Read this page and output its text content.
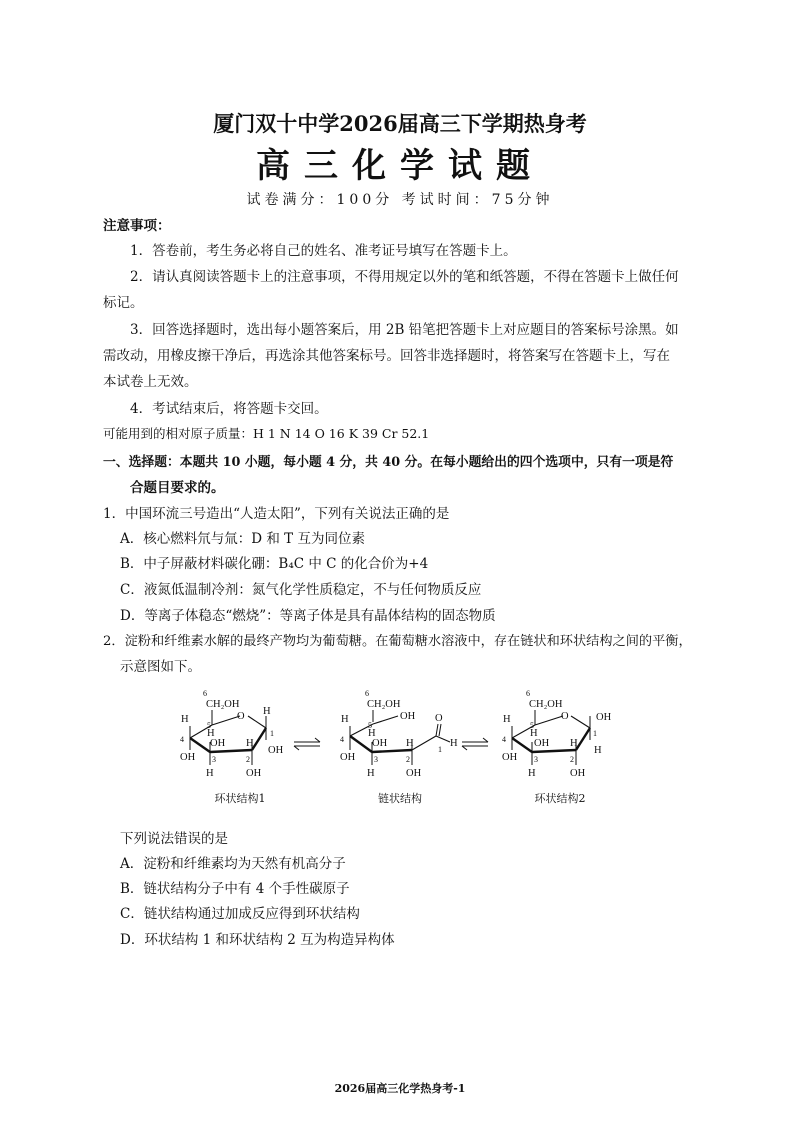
厦门双十中学2026届高三下学期热身考
高三化学试题
试卷满分：100分 考试时间：75分钟
注意事项：
1．答卷前，考生务必将自己的姓名、准考证号填写在答题卡上。
2．请认真阅读答题卡上的注意事项，不得用规定以外的笔和纸答题，不得在答题卡上做任何
标记。
3．回答选择题时，选出每小题答案后，用 2B 铅笔把答题卡上对应题目的答案标号涂黑。如
需改动，用橡皮擦干净后，再选涂其他答案标号。回答非选择题时，将答案写在答题卡上，写在
本试卷上无效。
4．考试结束后，将答题卡交回。
可能用到的相对原子质量：H 1 N 14 O 16 K 39 Cr 52.1
一、选择题：本题共 10 小题，每小题 4 分，共 40 分。在每小题给出的四个选项中，只有一项是符
合题目要求的。
1．中国环流三号造出“人造太阳”，下列有关说法正确的是
A．核心燃料氘与氚：D 和 T 互为同位素
B．中子屏蔽材料碳化硼：B₄C 中 C 的化合价为+4
C．液氮低温制冷剂：氮气化学性质稳定，不与任何物质反应
D．等离子体稳态“燃烧”：等离子体是具有晶体结构的固态物质
2．淀粉和纤维素水解的最终产物均为葡萄糖。在葡萄糖水溶液中，存在链状和环状结构之间的平衡，
示意图如下。
6
CH₂OH
O
H
5
H
H
1
4 OH H
OH
OH 3	2
H	OH
6
CH₂OH
OH
H
5
H
O
H
1
4	OH H
OH 3	2
H	OH
6
CH₂OH
O
H
5
H
OH
1
4	OH H
H
OH 3	2
H	OH
环状结构1	链状结构	环状结构2
下列说法错误的是
A．淀粉和纤维素均为天然有机高分子
B．链状结构分子中有 4 个手性碳原子
C．链状结构通过加成反应得到环状结构
D．环状结构 1 和环状结构 2 互为构造异构体
2026届高三化学热身考-1
